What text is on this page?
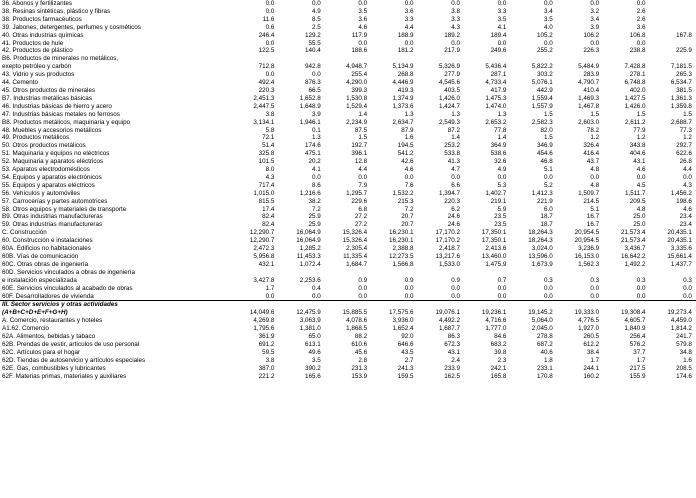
36. Abonos y fertilizantes	0.0	0.0	0.0	0.0	0.0	0.0	0.0	0.0	0.0	
38. Resinas sintéticas, plástico y fibras	0.0	4.9	3.5	3.6	3.8	3.3	3.4	3.2	2.6	
38. Productos farmacéuticos	11.6	8.5	3.6	3.3	3.3	3.5	3.5	3.4	2.6	
39. Jabones, detergentes, perfumes y cosméticos	0.6	2.5	4.6	4.4	4.3	4.1	4.0	3.9	3.6	
40. Otras industrias químicas	246.4	129.2	117.9	188.9	189.2	189.4	105.2	106.2	106.8	167.8
41. Productos de hule	0.0	55.5	0.0	0.0	0.0	0.0	0.0	0.0	0.0	
42. Productos de plástico	122.5	140.4	188.6	181.2	217.9	249.6	255.2	226.3	238.8	225.9
B6. Productos de minerales no metálicos,										
exepto petróleo y carbón	712.8	942.8	4,948.7	5,134.9	5,326.9	5,436.4	5,822.2	5,484.9	7,428.8	7,181.5
43. Vidrio y sus productos	0.0	0.0	255.4	268.8	277.9	287.1	303.2	283.9	278.1	265.3
44. Cemento	492.4	876.3	4,290.0	4,446.9	4,545.6	4,733.4	5,076.1	4,790.7	6,748.8	6,534.7
45. Otros productos de minerales	220.3	66.5	399.3	419.3	403.5	417.9	442.9	410.4	402.0	381.5
B7. Industrias metálicas básicas	2,451.3	1,652.8	1,530.8	1,374.9	1,426.0	1,475.3	1,559.4	1,469.3	1,427.5	1,361.3
46. Industrias básicas de hierro y acero	2,447.5	1,648.9	1,529.4	1,373.6	1,424.7	1,474.0	1,557.9	1,467.8	1,426.0	1,359.8
47. Industrias básicas metales no ferrosos	3.8	3.9	1.4	1.3	1.3	1.3	1.5	1.5	1.5	1.5
B8. Productos metálicos, maquinaria y equipo	3,134.1	1,946.1	2,234.9	2,634.7	2,549.3	2,653.2	2,582.3	2,603.0	2,611.2	2,688.7
48. Muebles y accesorios metálicos	5.8	0.1	87.5	87.9	87.2	77.8	82.0	78.2	77.9	77.3
49. Productos metálicos	72.1	1.3	1.5	1.6	1.4	1.4	1.5	1.2	1.2	1.2
50. Otros productos metálicos	51.4	174.6	192.7	194.5	253.2	364.9	346.9	326.4	343.8	292.7
51. Maquinaria y equipos no eléctricos	325.8	475.1	396.1	541.2	533.8	538.6	454.6	416.4	404.6	622.6
52. Maquinaria y aparatos eléctricos	101.5	20.2	12.8	42.6	41.3	32.6	46.8	43.7	43.1	26.8
53. Aparatos electrodomésticos	8.0	4.1	4.4	4.6	4.7	4.9	5.1	4.8	4.6	4.4
54. Equipos y aparatos electrónicos	4.3	0.0	0.0	0.0	0.0	0.0	0.0	0.0	0.0	0.0
55. Equipos y aparatos eléctricos	717.4	8.6	7.9	7.6	6.6	5.3	5.2	4.8	4.5	4.3
56. Vehículos y automóviles	1,015.0	1,216.6	1,295.7	1,532.2	1,394.7	1,402.7	1,412.3	1,509.7	1,511.7	1,456.2
57. Carrocerías y partes automotrices	815.5	38.2	229.6	215.3	220.3	219.1	221.9	214.5	209.5	198.6
58. Otros equipos y materiales de transporte	17.4	7.2	6.8	7.2	6.2	5.9	6.0	5.1	4.8	4.6
B9. Otras industrias manufactureras	82.4	25.9	27.2	20.7	24.6	23.5	18.7	16.7	25.0	23.4
59. Otras industrias manufactureras	82.4	25.9	27.2	20.7	24.6	23.5	18.7	16.7	25.0	23.4
C. Construcción	12,290.7	16,064.9	15,326.4	16,230.1	17,170.2	17,350.1	18,264.3	20,954.5	21,573.4	20,435.1
60. Construcción e instalaciones	12,290.7	16,064.9	15,326.4	16,230.1	17,170.2	17,350.1	18,264.3	20,954.5	21,573.4	20,435.1
60A. Edificios no habitacionales	2,472.3	1,285.2	2,305.4	2,388.8	2,418.7	2,413.6	3,024.0	3,236.9	3,436.7	3,335.6
60B. Vías de comunicación	5,956.8	11,453.3	11,335.4	12,273.5	13,217.6	13,460.0	13,596.0	16,153.0	16,642.2	15,661.4
60C. Otras obras de ingeniería	432.1	1,072.4	1,684.7	1,566.8	1,533.0	1,475.9	1,673.9	1,562.3	1,492.2	1,437.7
60D. Servicios vinculados a obras de ingeniería										
e instalación especializada	3,427.8	2,253.6	0.9	0.9	0.9	0.7	0.3	0.3	0.3	0.3
60E. Servicios vinculados al acabado de obras	1.7	0.4	0.0	0.0	0.0	0.0	0.0	0.0	0.0	0.0
60F. Desarrolladores de vivienda	0.0	0.0	0.0	0.0	0.0	0.0	0.0	0.0	0.0	0.0
III. Sector servicios y otras actividades										
(A+B+C+D+E+F+G+H)	14,049.6	12,475.9	15,885.5	17,575.6	19,076.1	19,236.1	19,145.2	19,333.0	19,308.4	19,273.4
A. Comercio, restaurantes y hoteles	4,269.8	3,063.9	4,078.6	3,936.0	4,492.2	4,716.6	5,064.0	4,776.5	4,605.7	4,459.0
A1.62. Comercio	1,795.6	1,381.0	1,868.5	1,652.4	1,687.7	1,777.0	2,045.0	1,927.0	1,840.9	1,814.2
62A. Alimentos, bebidas y tabaco	361.9	65.0	88.2	92.0	86.3	84.6	278.8	260.5	256.4	241.7
62B. Prendas de vestir, artículos de uso personal	691.2	613.1	610.6	646.6	672.3	683.2	687.2	612.2	576.2	579.8
62C. Artículos para el hogar	59.5	49.6	45.6	43.5	43.1	39.8	40.6	38.4	37.7	34.8
62D. Tiendas de autoservicio y artículos especiales	3.8	3.5	2.8	2.7	2.4	2.3	1.8	1.7	1.7	1.6
62E. Gas, combustibles y lubricantes	387.0	390.2	231.3	241.3	233.9	242.1	233.1	244.1	217.5	208.5
62F. Materias primas, materiales y auxiliares	221.2	165.6	153.9	159.5	162.5	165.8	170.8	160.2	155.9	174.6
